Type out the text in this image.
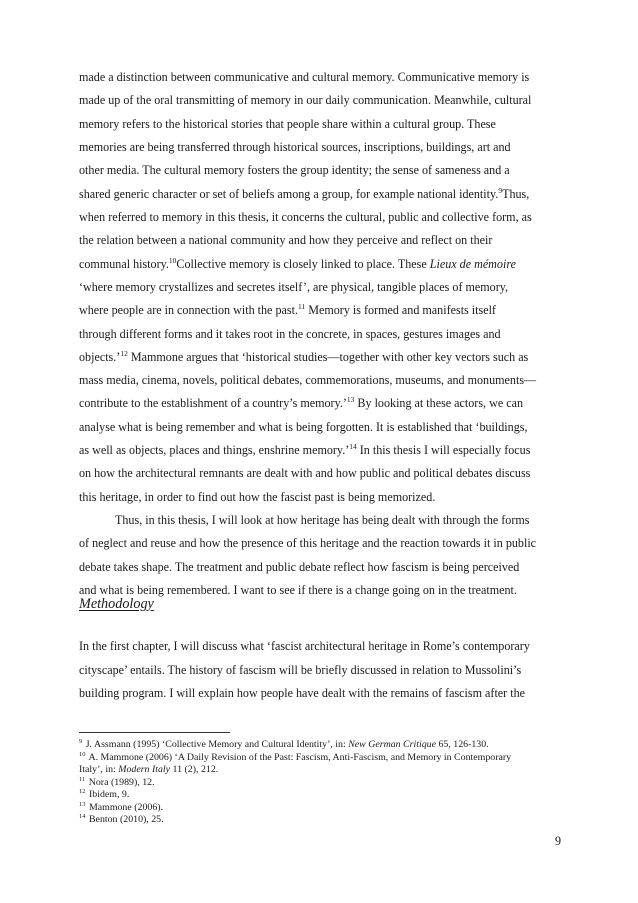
made a distinction between communicative and cultural memory. Communicative memory is
made up of the oral transmitting of memory in our daily communication. Meanwhile, cultural
memory refers to the historical stories that people share within a cultural group. These
memories are being transferred through historical sources, inscriptions, buildings, art and
other media. The cultural memory fosters the group identity; the sense of sameness and a
shared generic character or set of beliefs among a group, for example national identity.$^9$Thus,
when referred to memory in this thesis, it concerns the cultural, public and collective form, as
the relation between a national community and how they perceive and reflect on their
communal history.$^{10}$Collective memory is closely linked to place. These Lieux de mémoire
‘where memory crystallizes and secretes itself’, are physical, tangible places of memory,
where people are in connection with the past.$^{11}$ Memory is formed and manifests itself
through different forms and it takes root in the concrete, in spaces, gestures images and
objects.’$^{12}$ Mammone argues that ‘historical studies—together with other key vectors such as
mass media, cinema, novels, political debates, commemorations, museums, and monuments—
contribute to the establishment of a country’s memory.’$^{13}$ By looking at these actors, we can
analyse what is being remember and what is being forgotten. It is established that ‘buildings,
as well as objects, places and things, enshrine memory.’$^{14}$ In this thesis I will especially focus
on how the architectural remnants are dealt with and how public and political debates discuss
this heritage, in order to find out how the fascist past is being memorized.
Thus, in this thesis, I will look at how heritage has being dealt with through the forms
of neglect and reuse and how the presence of this heritage and the reaction towards it in public
debate takes shape. The treatment and public debate reflect how fascism is being perceived
and what is being remembered. I want to see if there is a change going on in the treatment.
Methodology
In the first chapter, I will discuss what ‘fascist architectural heritage in Rome’s contemporary
cityscape’ entails. The history of fascism will be briefly discussed in relation to Mussolini’s
building program. I will explain how people have dealt with the remains of fascism after the
$^9$ J. Assmann (1995) ‘Collective Memory and Cultural Identity’, in: New German Critique 65, 126-130.
$^{10}$ A. Mammone (2006) ‘A Daily Revision of the Past: Fascism, Anti-Fascism, and Memory in Contemporary
Italy’, in: Modern Italy 11 (2), 212.
$^{11}$ Nora (1989), 12.
$^{12}$ Ibidem, 9.
$^{13}$ Mammone (2006).
$^{14}$ Benton (2010), 25.
9
